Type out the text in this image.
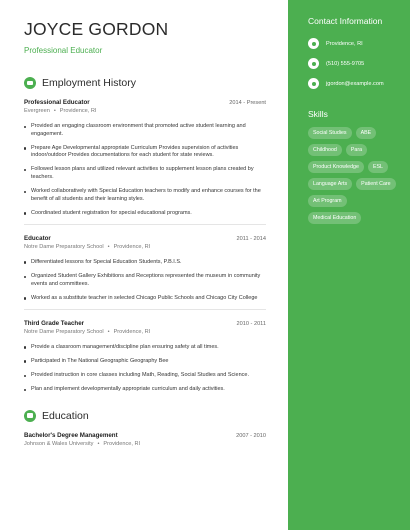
JOYCE GORDON
Professional Educator
Employment History
Professional Educator	2014 - Present
Evergreen • Providence, RI
Provided an engaging classroom environment that promoted active student learning and engagement.
Prepare Age Developmental appropriate Curriculum Provides supervision of activities indoor/outdoor Provides documentations for each student for state reviews.
Followed lesson plans and utilized relevant activities to supplement lesson plans created by teachers.
Worked collaboratively with Special Education teachers to modify and enhance courses for the benefit of all students and their learning styles.
Coordinated student registration for special educational programs.
Educator	2011 - 2014
Notre Dame Preparatory School • Providence, RI
Differentiated lessons for Special Education Students, P.B.I.S.
Organized Student Gallery Exhibitions and Receptions represented the museum in community events and committees.
Worked as a substitute teacher in selected Chicago Public Schools and Chicago City College
Third Grade Teacher	2010 - 2011
Notre Dame Preparatory School • Providence, RI
Provide a classroom management/discipline plan ensuring safety at all times.
Participated in The National Geographic Geography Bee
Provided instruction in core classes including Math, Reading, Social Studies and Science.
Plan and implement developmentally appropriate curriculum and daily activities.
Education
Bachelor's Degree Management	2007 - 2010
Johnson & Wales University • Providence, RI
Contact Information
Providence, RI
(510) 555-9705
jgordon@example.com
Skills
Social Studies	ABE
Childhood	Para
Product Knowledge	ESL
Language Arts	Patient Care
Art Program
Medical Education
